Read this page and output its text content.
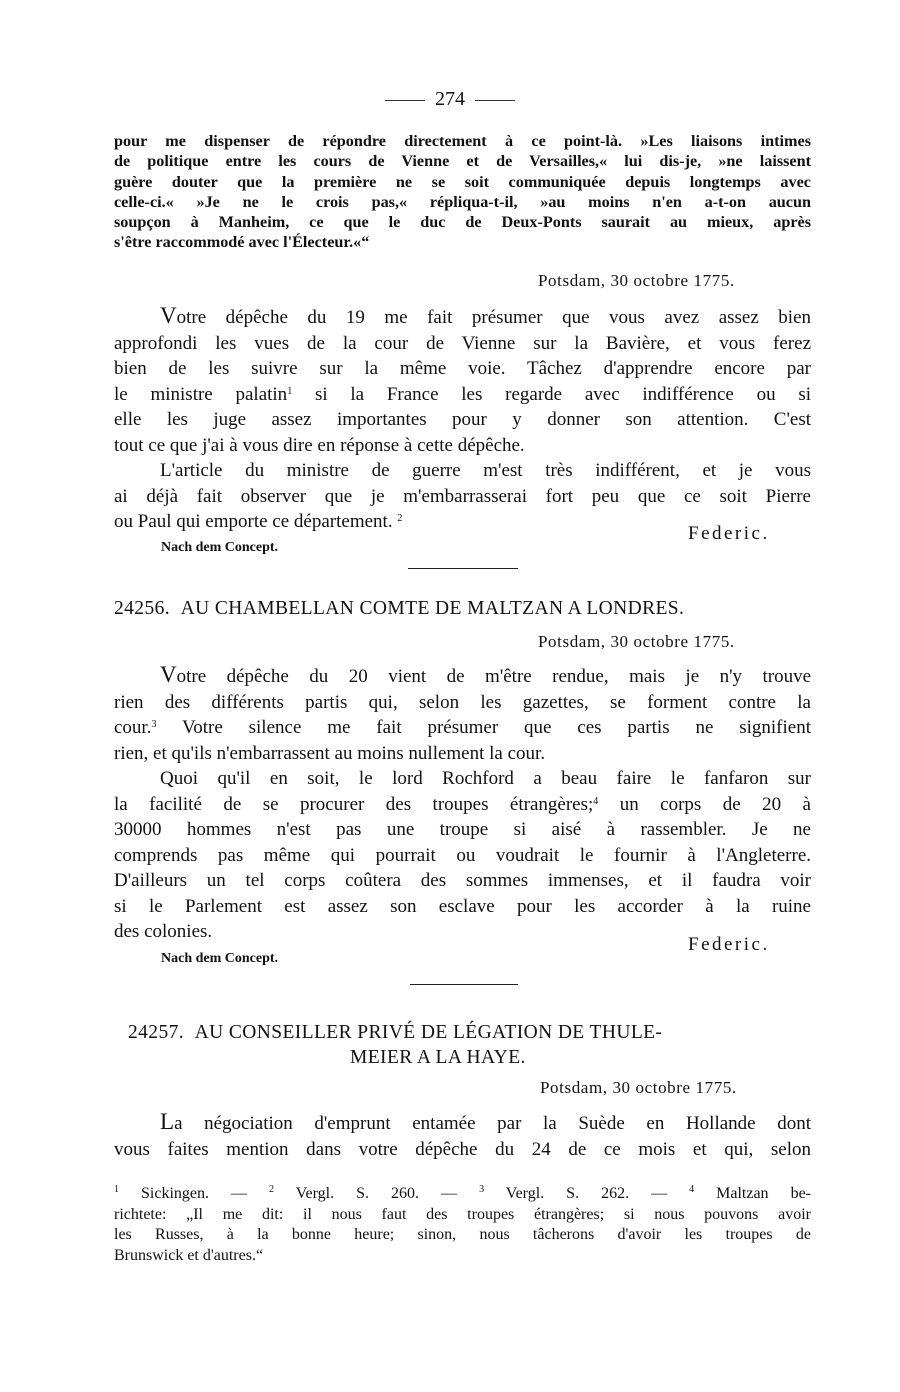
274
pour me dispenser de répondre directement à ce point-là. »Les liaisons intimes
de politique entre les cours de Vienne et de Versailles,« lui dis-je, »ne laissent
guère douter que la première ne se soit communiquée depuis longtemps avec
celle-ci.« »Je ne le crois pas,« répliqua-t-il, »au moins n'en a-t-on aucun
soupçon à Manheim, ce que le duc de Deux-Ponts saurait au mieux, après
s'être raccommodé avec l'Électeur.«“
Potsdam, 30 octobre 1775.
Votre dépêche du 19 me fait présumer que vous avez assez bien
approfondi les vues de la cour de Vienne sur la Bavière, et vous ferez
bien de les suivre sur la même voie. Tâchez d'apprendre encore par
le ministre palatin$^1$ si la France les regarde avec indifférence ou si
elle les juge assez importantes pour y donner son attention. C'est
tout ce que j'ai à vous dire en réponse à cette dépêche.
L'article du ministre de guerre m'est très indifférent, et je vous
ai déjà fait observer que je m'embarrasserai fort peu que ce soit Pierre
ou Paul qui emporte ce département. $^2$
Federic.
Nach dem Concept.
24256. AU CHAMBELLAN COMTE DE MALTZAN A LONDRES.
Potsdam, 30 octobre 1775.
Votre dépêche du 20 vient de m'être rendue, mais je n'y trouve
rien des différents partis qui, selon les gazettes, se forment contre la
cour.$^3$ Votre silence me fait présumer que ces partis ne signifient
rien, et qu'ils n'embarrassent au moins nullement la cour.
Quoi qu'il en soit, le lord Rochford a beau faire le fanfaron sur
la facilité de se procurer des troupes étrangères;$^4$ un corps de 20 à
30000 hommes n'est pas une troupe si aisé à rassembler. Je ne
comprends pas même qui pourrait ou voudrait le fournir à l'Angleterre.
D'ailleurs un tel corps coûtera des sommes immenses, et il faudra voir
si le Parlement est assez son esclave pour les accorder à la ruine
des colonies.
Federic.
Nach dem Concept.
24257. AU CONSEILLER PRIVÉ DE LÉGATION DE THULE-
MEIER A LA HAYE.
Potsdam, 30 octobre 1775.
La négociation d'emprunt entamée par la Suède en Hollande dont
vous faites mention dans votre dépêche du 24 de ce mois et qui, selon
$^1$ Sickingen. — $^2$ Vergl. S. 260. — $^3$ Vergl. S. 262. — $^4$ Maltzan be-
richtete: „Il me dit: il nous faut des troupes étrangères; si nous pouvons avoir
les Russes, à la bonne heure; sinon, nous tâcherons d'avoir les troupes de
Brunswick et d'autres.“
